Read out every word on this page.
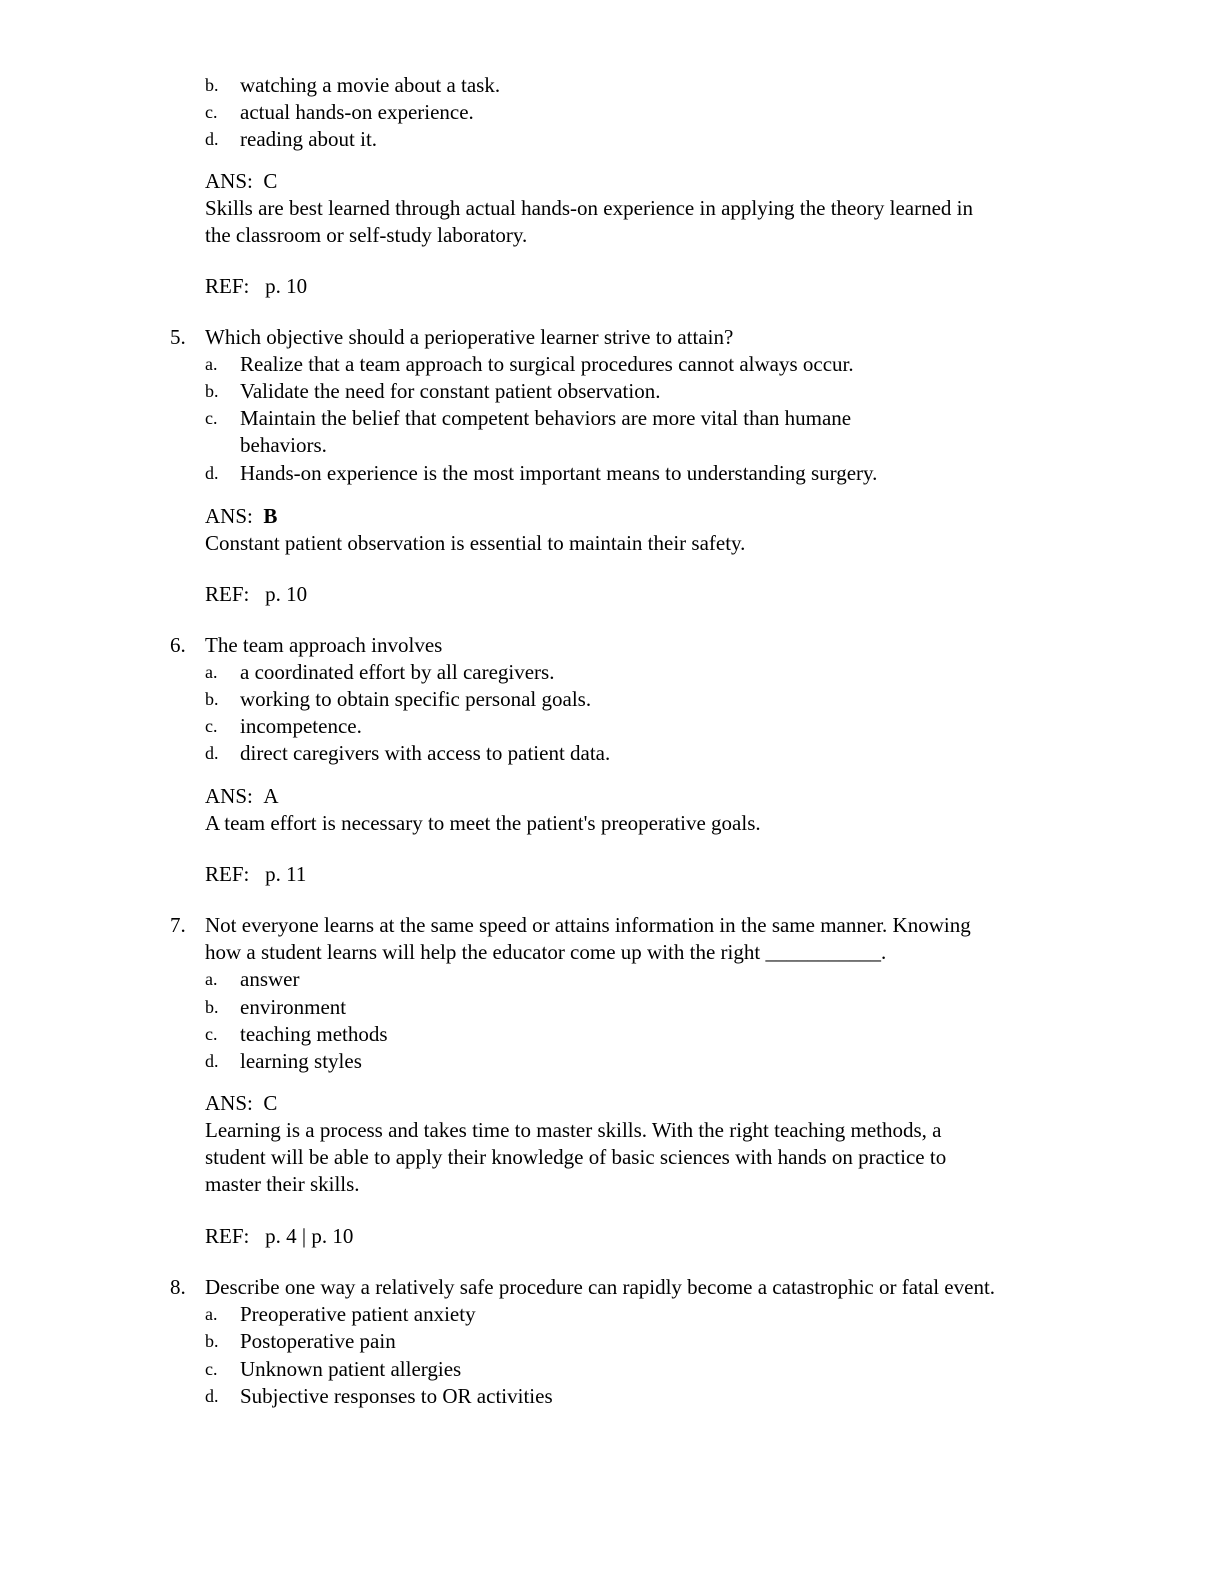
b. watching a movie about a task.
c. actual hands-on experience.
d. reading about it.
ANS: C
Skills are best learned through actual hands-on experience in applying the theory learned in
the classroom or self-study laboratory.
REF: p. 10
5. Which objective should a perioperative learner strive to attain?
a. Realize that a team approach to surgical procedures cannot always occur.
b. Validate the need for constant patient observation.
c. Maintain the belief that competent behaviors are more vital than humane
behaviors.
d. Hands-on experience is the most important means to understanding surgery.
ANS: B
Constant patient observation is essential to maintain their safety.
REF: p. 10
6. The team approach involves
a. a coordinated effort by all caregivers.
b. working to obtain specific personal goals.
c. incompetence.
d. direct caregivers with access to patient data.
ANS: A
A team effort is necessary to meet the patient's preoperative goals.
REF: p. 11
7. Not everyone learns at the same speed or attains information in the same manner. Knowing
how a student learns will help the educator come up with the right ___________.
a. answer
b. environment
c. teaching methods
d. learning styles
ANS: C
Learning is a process and takes time to master skills. With the right teaching methods, a
student will be able to apply their knowledge of basic sciences with hands on practice to
master their skills.
REF: p. 4 | p. 10
8. Describe one way a relatively safe procedure can rapidly become a catastrophic or fatal event.
a. Preoperative patient anxiety
b. Postoperative pain
c. Unknown patient allergies
d. Subjective responses to OR activities
